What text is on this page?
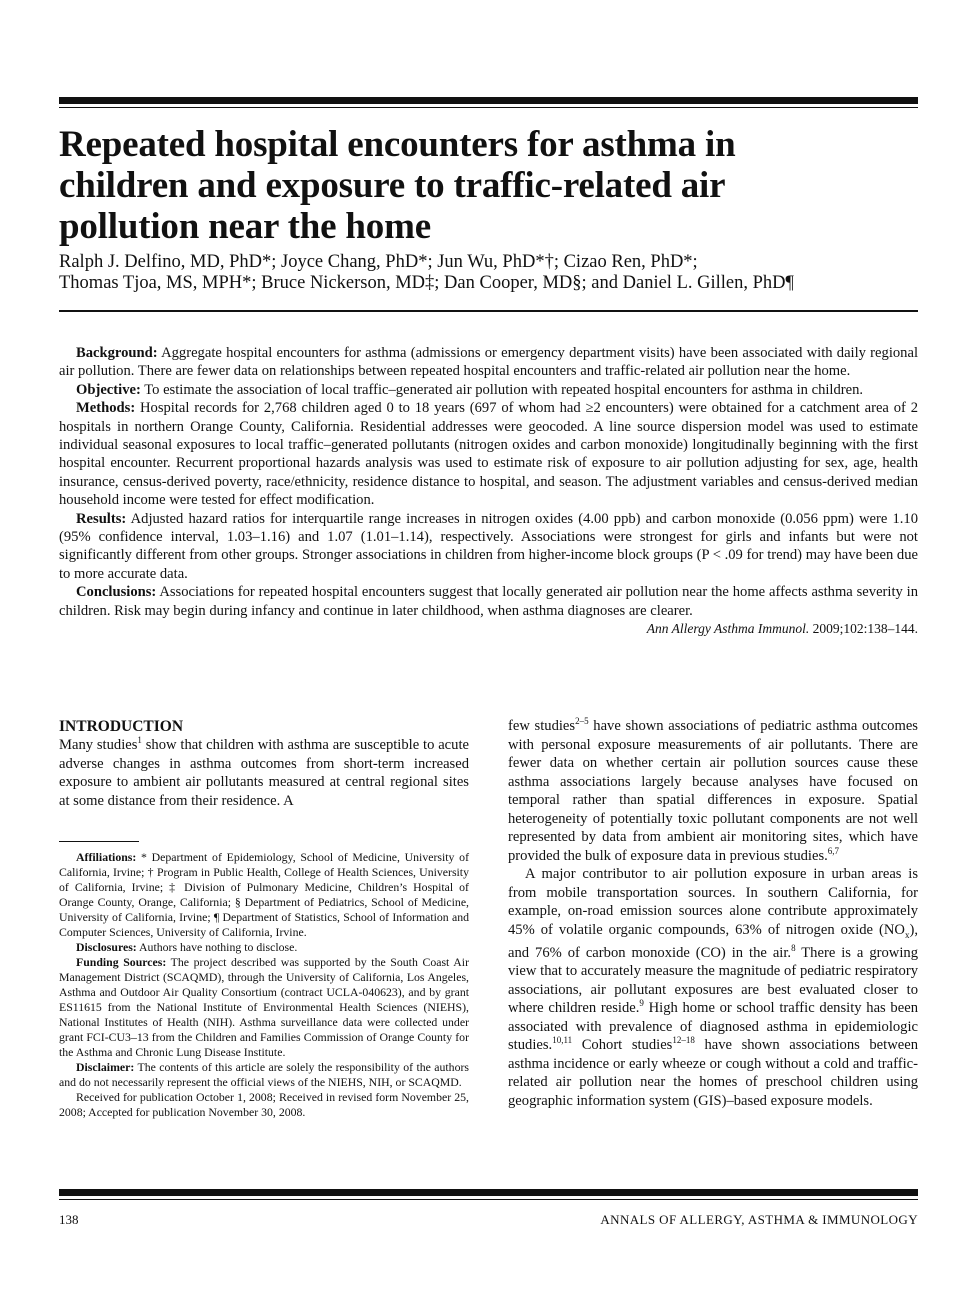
Repeated hospital encounters for asthma in
children and exposure to traffic-related air
pollution near the home
Ralph J. Delfino, MD, PhD*; Joyce Chang, PhD*; Jun Wu, PhD*†; Cizao Ren, PhD*;
Thomas Tjoa, MS, MPH*; Bruce Nickerson, MD‡; Dan Cooper, MD§; and Daniel L. Gillen, PhD¶

Background: Aggregate hospital encounters for asthma (admissions or emergency department visits) have been associated with daily regional air pollution. There are fewer data on relationships between repeated hospital encounters and traffic-related air pollution near the home.

Objective: To estimate the association of local traffic–generated air pollution with repeated hospital encounters for asthma in children.

Methods: Hospital records for 2,768 children aged 0 to 18 years (697 of whom had ≥2 encounters) were obtained for a catchment area of 2 hospitals in northern Orange County, California. Residential addresses were geocoded. A line source dispersion model was used to estimate individual seasonal exposures to local traffic–generated pollutants (nitrogen oxides and carbon monoxide) longitudinally beginning with the first hospital encounter. Recurrent proportional hazards analysis was used to estimate risk of exposure to air pollution adjusting for sex, age, health insurance, census-derived poverty, race/ethnicity, residence distance to hospital, and season. The adjustment variables and census-derived median household income were tested for effect modification.

Results: Adjusted hazard ratios for interquartile range increases in nitrogen oxides (4.00 ppb) and carbon monoxide (0.056 ppm) were 1.10 (95% confidence interval, 1.03–1.16) and 1.07 (1.01–1.14), respectively. Associations were strongest for girls and infants but were not significantly different from other groups. Stronger associations in children from higher-income block groups (P < .09 for trend) may have been due to more accurate data.

Conclusions: Associations for repeated hospital encounters suggest that locally generated air pollution near the home affects asthma severity in children. Risk may begin during infancy and continue in later childhood, when asthma diagnoses are clearer.

Ann Allergy Asthma Immunol. 2009;102:138–144.
INTRODUCTION

Many studies$^1$ show that children with asthma are susceptible to acute adverse changes in asthma outcomes from short-term increased exposure to ambient air pollutants measured at central regional sites at some distance from their residence. A

Affiliations: * Department of Epidemiology, School of Medicine, University of California, Irvine; † Program in Public Health, College of Health Sciences, University of California, Irvine; ‡ Division of Pulmonary Medicine, Children’s Hospital of Orange County, Orange, California; § Department of Pediatrics, School of Medicine, University of California, Irvine; ¶ Department of Statistics, School of Information and Computer Sciences, University of California, Irvine.

Disclosures: Authors have nothing to disclose.

Funding Sources: The project described was supported by the South Coast Air Management District (SCAQMD), through the University of California, Los Angeles, Asthma and Outdoor Air Quality Consortium (contract UCLA-040623), and by grant ES11615 from the National Institute of Environmental Health Sciences (NIEHS), National Institutes of Health (NIH). Asthma surveillance data were collected under grant FCI-CU3–13 from the Children and Families Commission of Orange County for the Asthma and Chronic Lung Disease Institute.

Disclaimer: The contents of this article are solely the responsibility of the authors and do not necessarily represent the official views of the NIEHS, NIH, or SCAQMD.

Received for publication October 1, 2008; Received in revised form November 25, 2008; Accepted for publication November 30, 2008.

few studies$^{2-5}$ have shown associations of pediatric asthma outcomes with personal exposure measurements of air pollutants. There are fewer data on whether certain air pollution sources cause these asthma associations largely because analyses have focused on temporal rather than spatial differences in exposure. Spatial heterogeneity of potentially toxic pollutant components are not well represented by data from ambient air monitoring sites, which have provided the bulk of exposure data in previous studies.$^{6,7}$

A major contributor to air pollution exposure in urban areas is from mobile transportation sources. In southern California, for example, on-road emission sources alone contribute approximately 45% of volatile organic compounds, 63% of nitrogen oxide $(NO_x)$, and 76% of carbon monoxide (CO) in the air.$^8$ There is a growing view that to accurately measure the magnitude of pediatric respiratory associations, air pollutant exposures are best evaluated closer to where children reside.$^9$ High home or school traffic density has been associated with prevalence of diagnosed asthma in epidemiologic studies.$^{10,11}$ Cohort studies$^{12-18}$ have shown associations between asthma incidence or early wheeze or cough without a cold and traffic-related air pollution near the homes of preschool children using geographic information system (GIS)–based exposure models.

138	ANNALS OF ALLERGY, ASTHMA & IMMUNOLOGY
